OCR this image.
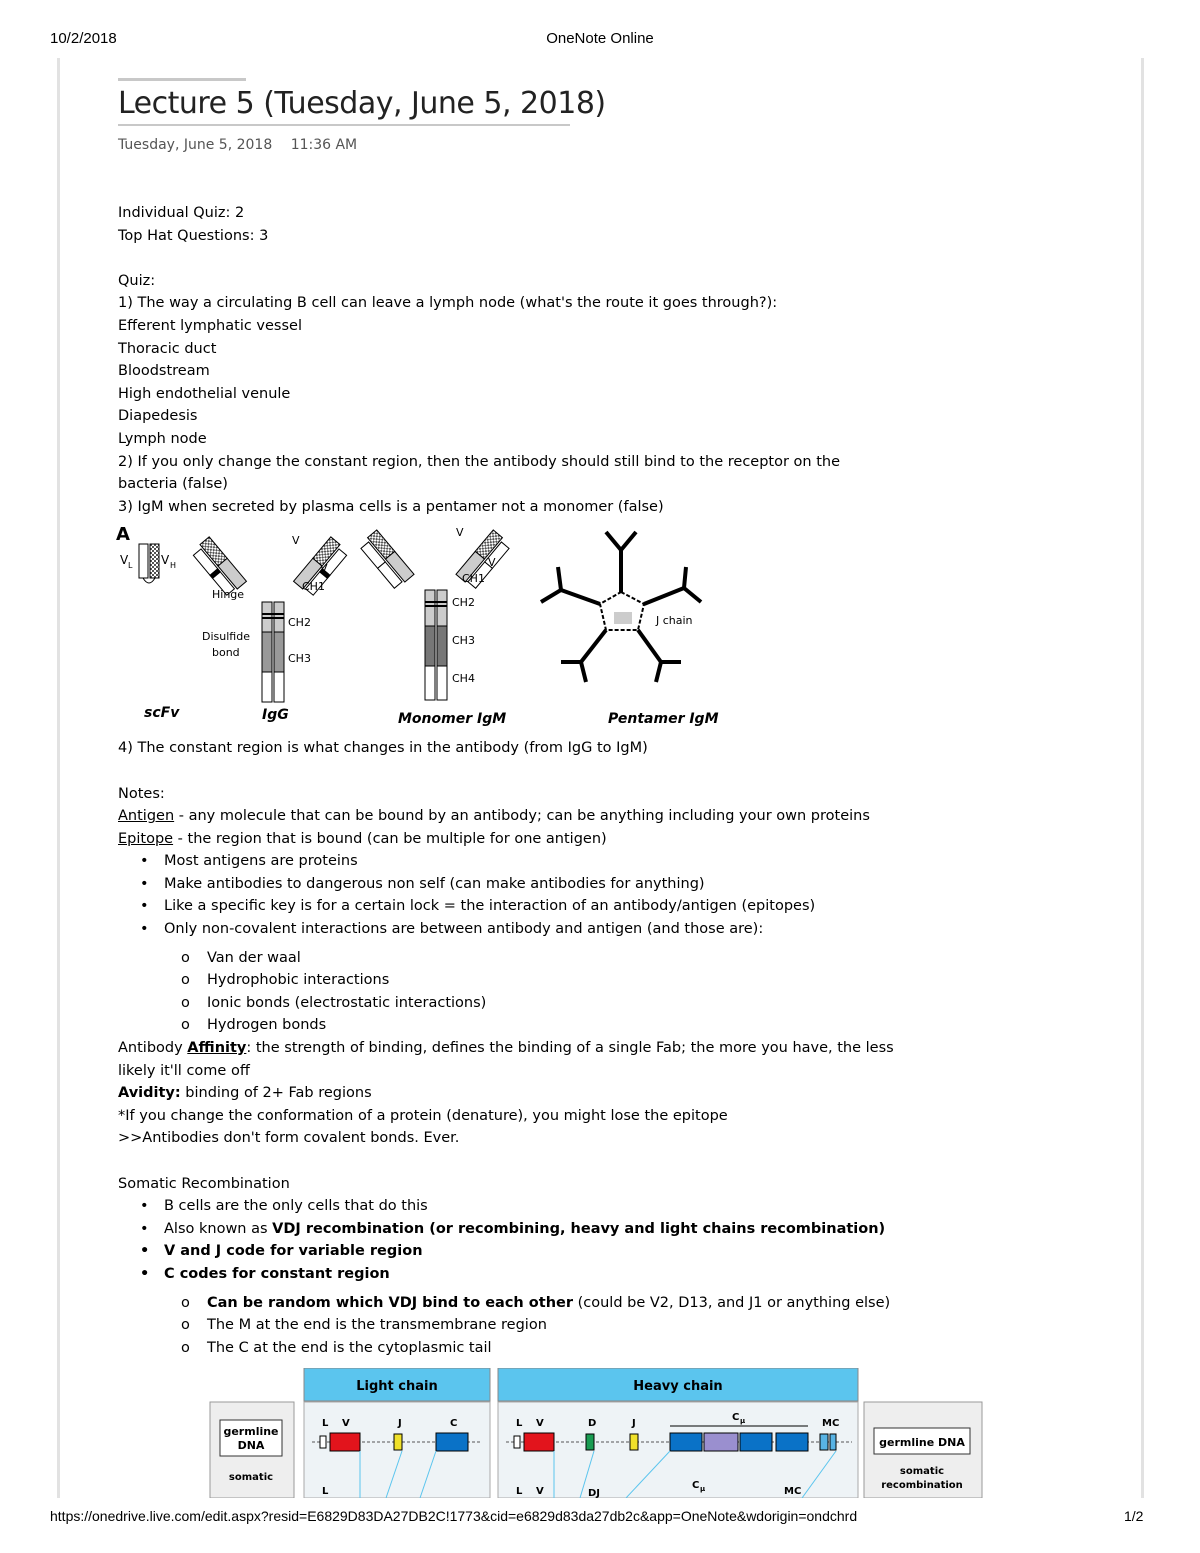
10/2/2018	OneNote Online
Lecture 5 (Tuesday, June 5, 2018)
Tuesday, June 5, 2018 11:36 AM

Individual Quiz: 2

Top Hat Questions: 3

Quiz:

1) The way a circulating B cell can leave a lymph node (what's the route it goes through?):

Efferent lymphatic vessel

Thoracic duct

Bloodstream

High endothelial venule

Diapedesis

Lymph node

2) If you only change the constant region, then the antibody should still bind to the receptor on the bacteria (false)

3) IgM when secreted by plasma cells is a pentamer not a monomer (false)

A
V L V H
V
V
CH1
Hinge
CH2
CH3
Disulfide
bond
V
V
CH1
CH2
CH3
CH4
J chain
scFv	IgG	Monomer IgM	Pentamer IgM

4) The constant region is what changes in the antibody (from IgG to IgM)

Notes:

Antigen - any molecule that can be bound by an antibody; can be anything including your own proteins

Epitope - the region that is bound (can be multiple for one antigen)

• Most antigens are proteins
• Make antibodies to dangerous non self (can make antibodies for anything)
• Like a specific key is for a certain lock = the interaction of an antibody/antigen (epitopes)
• Only non-covalent interactions are between antibody and antigen (and those are):
o Van der waal
o Hydrophobic interactions
o Ionic bonds (electrostatic interactions)
o Hydrogen bonds

Antibody Affinity: the strength of binding, defines the binding of a single Fab; the more you have, the less likely it'll come off

Avidity: binding of 2+ Fab regions

*If you change the conformation of a protein (denature), you might lose the epitope

>>Antibodies don't form covalent bonds. Ever.

Somatic Recombination

• B cells are the only cells that do this
• Also known as VDJ recombination (or recombining, heavy and light chains recombination)
• V and J code for variable region
• C codes for constant region
o Can be random which VDJ bind to each other (could be V2, D13, and J1 or anything else)
o The M at the end is the transmembrane region
o The C at the end is the cytoplasmic tail
Light chain	Heavy chain
germline
DNA
somatic
germline DNA
somatic
recombination
L V	J	C	L V	D	J
C μ	MC
L V	DJ
C μ	MC
L
https://onedrive.live.com/edit.aspx?resid=E6829D83DA27DB2C!1773&cid=e6829d83da27db2c&app=OneNote&wdorigin=ondchrd	1/2
